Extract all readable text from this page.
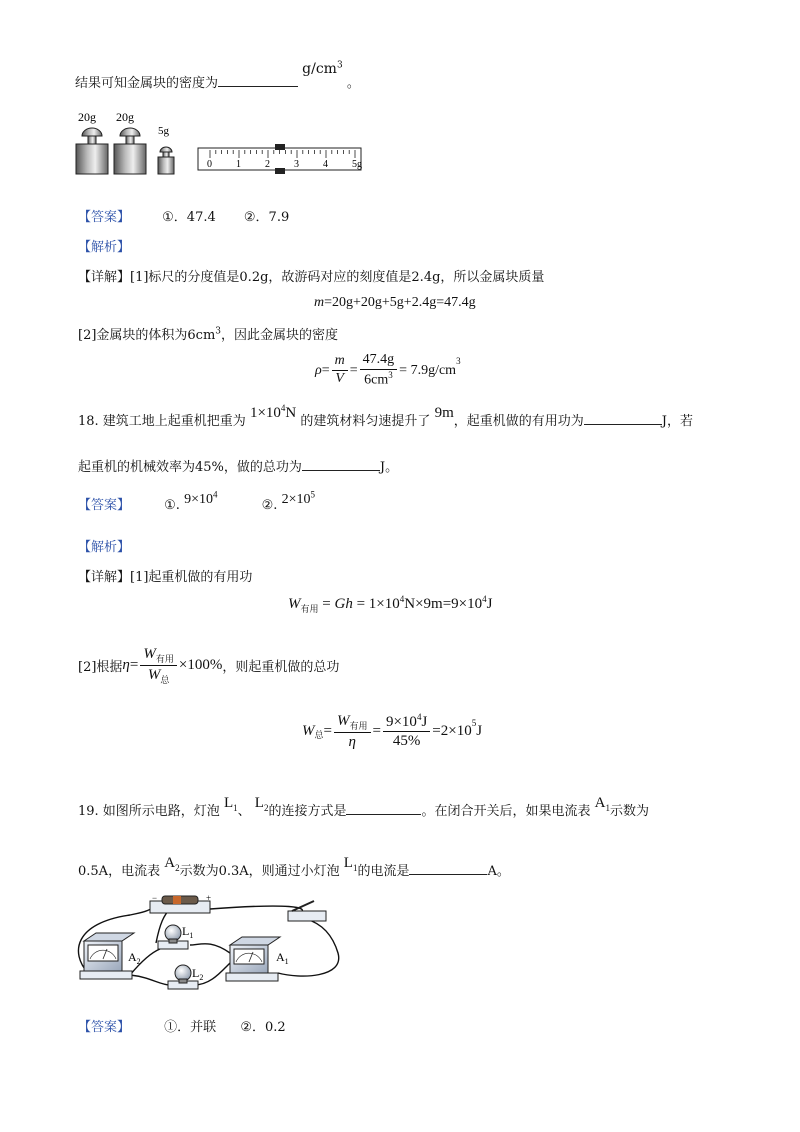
结果可知金属块的密度为 $g/cm^3$ 。
20g 20g
5g
0 1 2 3 4 5g
【答案】 ①．47.4 ②．7.9
【解析】
【详解】[1]标尺的分度值是0.2g，故游码对应的刻度值是2.4g，所以金属块质量
m=20g+20g+5g+2.4g=47.4g
[2]金属块的体积为$6cm^3$，因此金属块的密度
$\rho = \frac{m}{V} = \frac{47.4g}{6cm^3} = 7.9g/cm$
$^3$
18. 建筑工地上起重机把重为 $1\times 10^4N$ 的建筑材料匀速提升了 9m，起重机做的有用功为	J，若
起重机的机械效率为45%，做的总功为	J。
【答案】	①. $9\times 10^4$ ②. $2\times 10^5$
【解析】
【详解】[1]起重机做的有用功
$W_{有用} = Gh = 1\times 10^4N\times 9m=9\times 10^4J$
[2]根据 $\eta = \frac{W_{有用}}{W_总} \times 100\%$ ，则起重机做的总功
W 总 = $\frac{W_{有用}}{\eta} = \frac{9\times 10^4J}{45\%} =2\times 10^5$ J
19. 如图所示电路，灯泡 $L_1$、 $L_2$的连接方式是	。在闭合开关后，如果电流表 $A_1$示数为
0.5A，电流表 $A_2$示数为0.3A，则通过小灯泡 $L_1$的电流是	A。
−	+
$A_2$
$L_1$
$L_2$
$A_1$
【答案】	①．并联 ②．0.2
